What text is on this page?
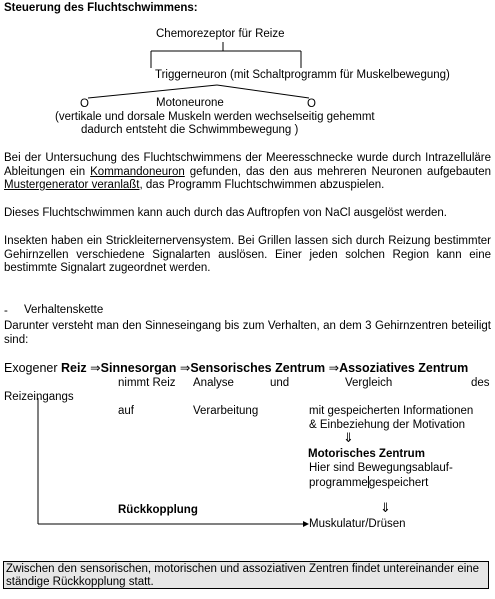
Steuerung des Fluchtschwimmens:
Chemorezeptor für Reize
Triggerneuron (mit Schaltprogramm für Muskelbewegung)
O	Motoneurone	O
(vertikale und dorsale Muskeln werden wechselseitig gehemmt
dadurch entsteht die Schwimmbewegung )
Bei der Untersuchung des Fluchtschwimmens der Meeresschnecke wurde durch Intrazelluläre Ableitungen ein Kommandoneuron gefunden, das den aus mehreren Neuronen aufgebauten Mustergenerator veranlaßt, das Programm Fluchtschwimmen abzuspielen.
Dieses Fluchtschwimmen kann auch durch das Auftropfen von NaCl ausgelöst werden.
Insekten haben ein Strickleiternervensystem. Bei Grillen lassen sich durch Reizung bestimmter Gehirnzellen verschiedene Signalarten auslösen. Einer jeden solchen Region kann eine bestimmte Signalart zugeordnet werden.
- Verhaltenskette
Darunter versteht man den Sinneseingang bis zum Verhalten, an dem 3 Gehirnzentren beteiligt sind:
Exogener Reiz ⇒Sinnesorgan ⇒Sensorisches Zentrum ⇒Assoziatives Zentrum
nimmt Reiz Analyse	und	Vergleich	des
Reizeingangs
auf	Verarbeitung	mit gespeicherten Informationen
& Einbeziehung der Motivation
⇓
Motorisches Zentrum
Hier sind Bewegungsablauf-
programmegespeichert
Rückkopplung	⇓
Muskulatur/Drüsen
Zwischen den sensorischen, motorischen und assoziativen Zentren findet untereinander eine ständige Rückkopplung statt.
